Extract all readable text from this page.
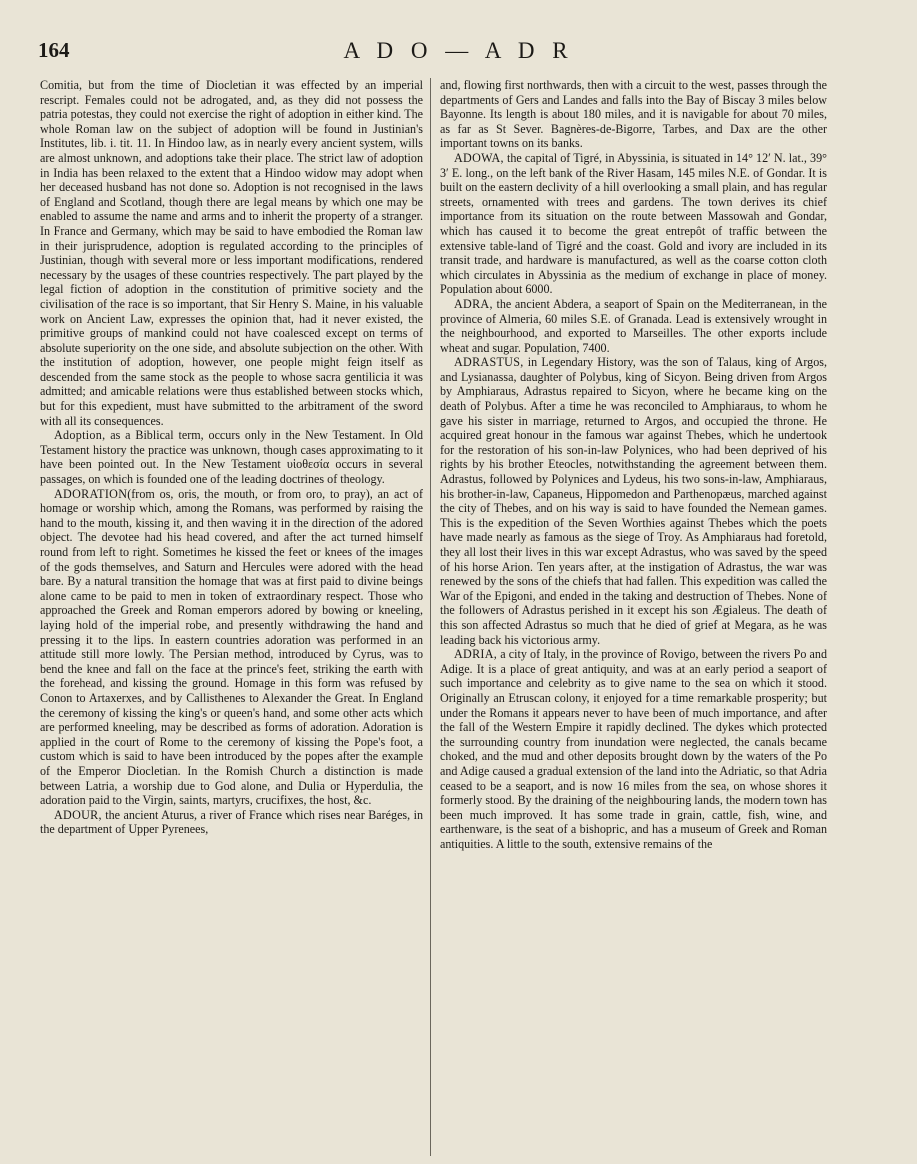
164	A D O — A D R

Comitia, but from the time of Diocletian it was effected by an imperial rescript. Females could not be adrogated, and, as they did not possess the patria potestas, they could not exercise the right of adoption in either kind. The whole Roman law on the subject of adoption will be found in Justinian's Institutes, lib. i. tit. 11. In Hindoo law, as in nearly every ancient system, wills are almost unknown, and adoptions take their place. The strict law of adoption in India has been relaxed to the extent that a Hindoo widow may adopt when her deceased husband has not done so. Adoption is not recognised in the laws of England and Scotland, though there are legal means by which one may be enabled to assume the name and arms and to inherit the property of a stranger. In France and Germany, which may be said to have embodied the Roman law in their jurisprudence, adoption is regulated according to the principles of Justinian, though with several more or less important modifications, rendered necessary by the usages of these countries respectively. The part played by the legal fiction of adoption in the constitution of primitive society and the civilisation of the race is so important, that Sir Henry S. Maine, in his valuable work on Ancient Law, expresses the opinion that, had it never existed, the primitive groups of mankind could not have coalesced except on terms of absolute superiority on the one side, and absolute subjection on the other. With the institution of adoption, however, one people might feign itself as descended from the same stock as the people to whose sacra gentilicia it was admitted; and amicable relations were thus established between stocks which, but for this expedient, must have submitted to the arbitrament of the sword with all its consequences.

Adoption, as a Biblical term, occurs only in the New Testament. In Old Testament history the practice was unknown, though cases approximating to it have been pointed out. In the New Testament υἱοθεσία occurs in several passages, on which is founded one of the leading doctrines of theology.

ADORATION(from os, oris, the mouth, or from oro, to pray), an act of homage or worship which, among the Romans, was performed by raising the hand to the mouth, kissing it, and then waving it in the direction of the adored object. The devotee had his head covered, and after the act turned himself round from left to right. Sometimes he kissed the feet or knees of the images of the gods themselves, and Saturn and Hercules were adored with the head bare. By a natural transition the homage that was at first paid to divine beings alone came to be paid to men in token of extraordinary respect. Those who approached the Greek and Roman emperors adored by bowing or kneeling, laying hold of the imperial robe, and presently withdrawing the hand and pressing it to the lips. In eastern countries adoration was performed in an attitude still more lowly. The Persian method, introduced by Cyrus, was to bend the knee and fall on the face at the prince's feet, striking the earth with the forehead, and kissing the ground. Homage in this form was refused by Conon to Artaxerxes, and by Callisthenes to Alexander the Great. In England the ceremony of kissing the king's or queen's hand, and some other acts which are performed kneeling, may be described as forms of adoration. Adoration is applied in the court of Rome to the ceremony of kissing the Pope's foot, a custom which is said to have been introduced by the popes after the example of the Emperor Diocletian. In the Romish Church a distinction is made between Latria, a worship due to God alone, and Dulia or Hyperdulia, the adoration paid to the Virgin, saints, martyrs, crucifixes, the host, &c.

ADOUR, the ancient Aturus, a river of France which rises near Baréges, in the department of Upper Pyrenees,

and, flowing first northwards, then with a circuit to the west, passes through the departments of Gers and Landes and falls into the Bay of Biscay 3 miles below Bayonne. Its length is about 180 miles, and it is navigable for about 70 miles, as far as St Sever. Bagnères-de-Bigorre, Tarbes, and Dax are the other important towns on its banks.

ADOWA, the capital of Tigré, in Abyssinia, is situated in 14° 12′ N. lat., 39° 3′ E. long., on the left bank of the River Hasam, 145 miles N.E. of Gondar. It is built on the eastern declivity of a hill overlooking a small plain, and has regular streets, ornamented with trees and gardens. The town derives its chief importance from its situation on the route between Massowah and Gondar, which has caused it to become the great entrepôt of traffic between the extensive table-land of Tigré and the coast. Gold and ivory are included in its transit trade, and hardware is manufactured, as well as the coarse cotton cloth which circulates in Abyssinia as the medium of exchange in place of money. Population about 6000.

ADRA, the ancient Abdera, a seaport of Spain on the Mediterranean, in the province of Almeria, 60 miles S.E. of Granada. Lead is extensively wrought in the neighbourhood, and exported to Marseilles. The other exports include wheat and sugar. Population, 7400.

ADRASTUS, in Legendary History, was the son of Talaus, king of Argos, and Lysianassa, daughter of Polybus, king of Sicyon. Being driven from Argos by Amphiaraus, Adrastus repaired to Sicyon, where he became king on the death of Polybus. After a time he was reconciled to Amphiaraus, to whom he gave his sister in marriage, returned to Argos, and occupied the throne. He acquired great honour in the famous war against Thebes, which he undertook for the restoration of his son-in-law Polynices, who had been deprived of his rights by his brother Eteocles, notwithstanding the agreement between them. Adrastus, followed by Polynices and Lydeus, his two sons-in-law, Amphiaraus, his brother-in-law, Capaneus, Hippomedon and Parthenopæus, marched against the city of Thebes, and on his way is said to have founded the Nemean games. This is the expedition of the Seven Worthies against Thebes which the poets have made nearly as famous as the siege of Troy. As Amphiaraus had foretold, they all lost their lives in this war except Adrastus, who was saved by the speed of his horse Arion. Ten years after, at the instigation of Adrastus, the war was renewed by the sons of the chiefs that had fallen. This expedition was called the War of the Epigoni, and ended in the taking and destruction of Thebes. None of the followers of Adrastus perished in it except his son Ægialeus. The death of this son affected Adrastus so much that he died of grief at Megara, as he was leading back his victorious army.

ADRIA, a city of Italy, in the province of Rovigo, between the rivers Po and Adige. It is a place of great antiquity, and was at an early period a seaport of such importance and celebrity as to give name to the sea on which it stood. Originally an Etruscan colony, it enjoyed for a time remarkable prosperity; but under the Romans it appears never to have been of much importance, and after the fall of the Western Empire it rapidly declined. The dykes which protected the surrounding country from inundation were neglected, the canals became choked, and the mud and other deposits brought down by the waters of the Po and Adige caused a gradual extension of the land into the Adriatic, so that Adria ceased to be a seaport, and is now 16 miles from the sea, on whose shores it formerly stood. By the draining of the neighbouring lands, the modern town has been much improved. It has some trade in grain, cattle, fish, wine, and earthenware, is the seat of a bishopric, and has a museum of Greek and Roman antiquities. A little to the south, extensive remains of the
